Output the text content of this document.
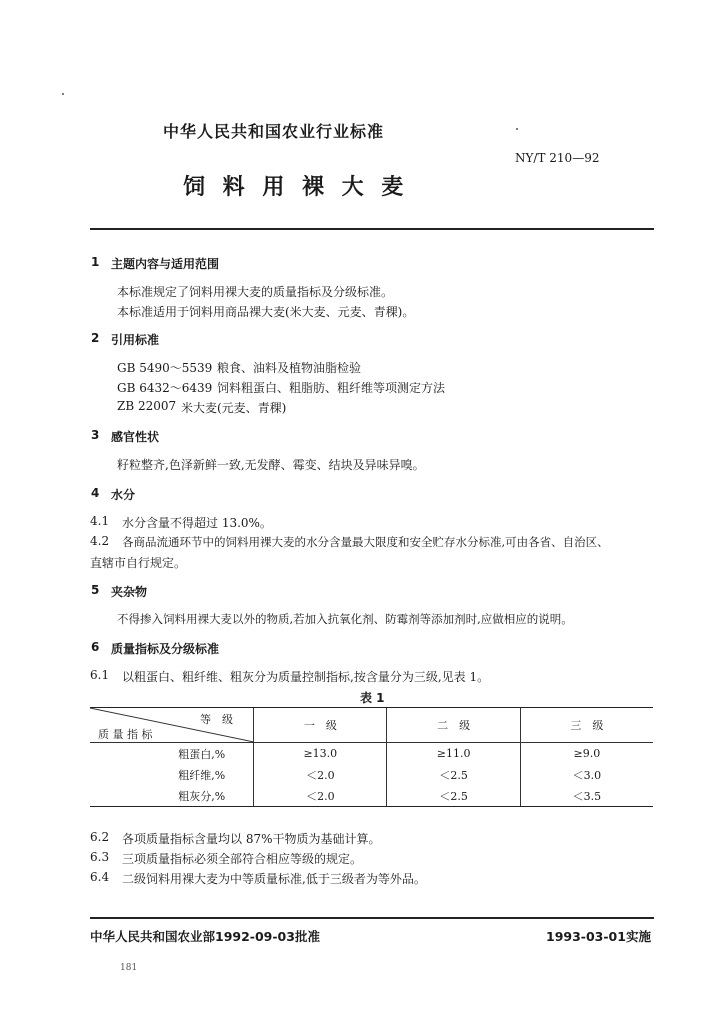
中华人民共和国农业行业标准
NY/T 210—92
饲 料 用 裸 大 麦
1 主题内容与适用范围
本标准规定了饲料用裸大麦的质量指标及分级标准。
本标准适用于饲料用商品裸大麦(米大麦、元麦、青稞)。
2 引用标准
GB 5490～5539 粮食、油料及植物油脂检验
GB 6432～6439 饲料粗蛋白、粗脂肪、粗纤维等项测定方法
ZB 22007 米大麦(元麦、青稞)
3 感官性状
籽粒整齐,色泽新鲜一致,无发酵、霉变、结块及异味异嗅。
4 水分
4.1 水分含量不得超过 13.0%。
4.2 各商品流通环节中的饲料用裸大麦的水分含量最大限度和安全贮存水分标准,可由各省、自治区、
直辖市自行规定。
5 夹杂物
不得掺入饲料用裸大麦以外的物质,若加入抗氧化剂、防霉剂等添加剂时,应做相应的说明。
6 质量指标及分级标准
6.1 以粗蛋白、粗纤维、粗灰分为质量控制指标,按含量分为三级,见表 1。
表 1
等　级
质 量 指 标	一　级	二　级	三　级
粗蛋白,%	≥13.0	≥11.0	≥9.0
粗纤维,%	＜2.0	＜2.5	＜3.0
粗灰分,%	＜2.0	＜2.5	＜3.5
6.2 各项质量指标含量均以 87%干物质为基础计算。
6.3 三项质量指标必须全部符合相应等级的规定。
6.4 二级饲料用裸大麦为中等质量标准,低于三级者为等外品。
中华人民共和国农业部1992-09-03批准	1993-03-01实施
181
